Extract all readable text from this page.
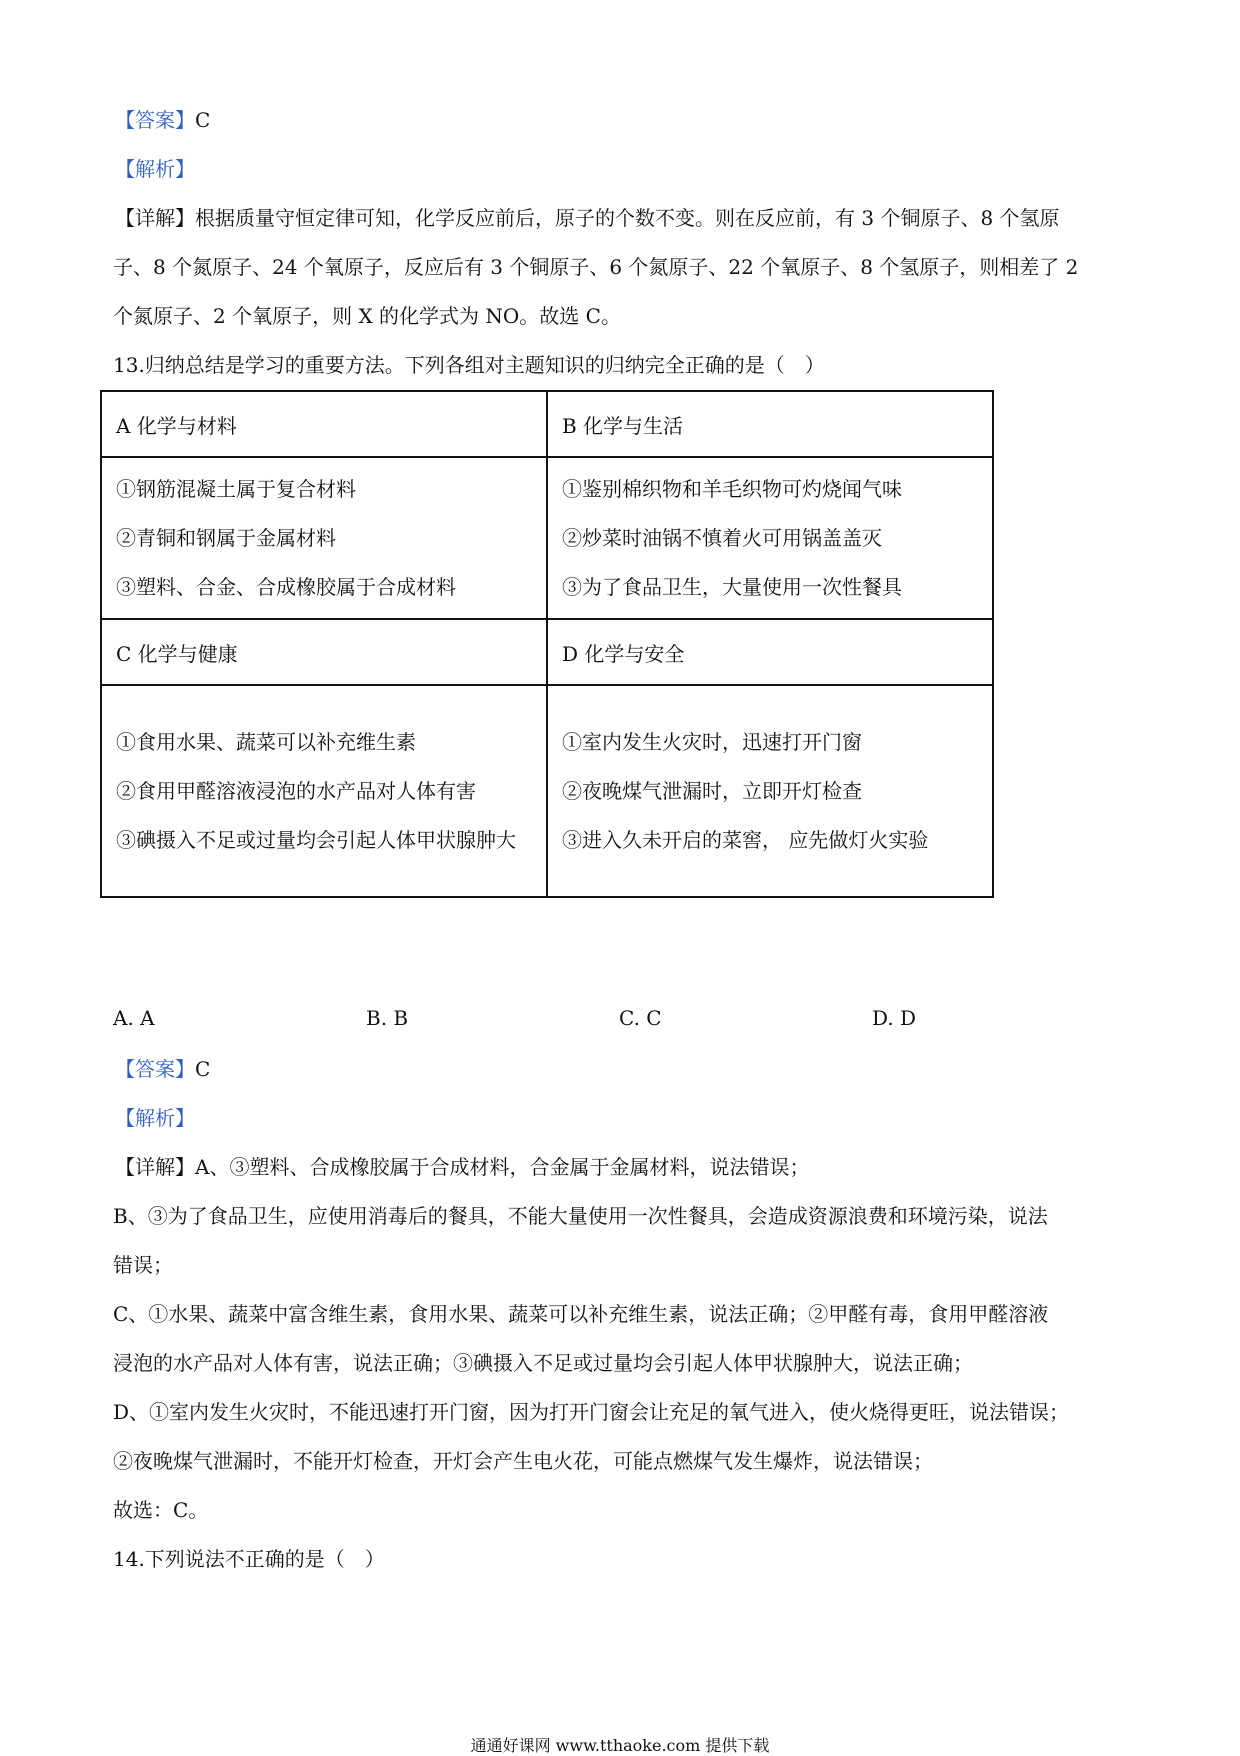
【答案】C
【解析】
【详解】根据质量守恒定律可知，化学反应前后，原子的个数不变。则在反应前，有 3 个铜原子、8 个氢原
子、8 个氮原子、24 个氧原子，反应后有 3 个铜原子、6 个氮原子、22 个氧原子、8 个氢原子，则相差了 2
个氮原子、2 个氧原子，则 X 的化学式为 NO。故选 C。
13.归纳总结是学习的重要方法。下列各组对主题知识的归纳完全正确的是（　）
A 化学与材料	B 化学与生活

①钢筋混凝土属于复合材料
②青铜和钢属于金属材料
③塑料、合金、合成橡胶属于合成材料	①鉴别棉织物和羊毛织物可灼烧闻气味
②炒菜时油锅不慎着火可用锅盖盖灭
③为了食品卫生，大量使用一次性餐具

C 化学与健康	D 化学与安全

①食用水果、蔬菜可以补充维生素
②食用甲醛溶液浸泡的水产品对人体有害
③碘摄入不足或过量均会引起人体甲状腺肿大	①室内发生火灾时，迅速打开门窗
②夜晚煤气泄漏时，立即开灯检查
③进入久未开启的菜窖， 应先做灯火实验
A. A	B. B	C. C	D. D
【答案】C
【解析】
【详解】A、③塑料、合成橡胶属于合成材料，合金属于金属材料，说法错误；
B、③为了食品卫生，应使用消毒后的餐具，不能大量使用一次性餐具，会造成资源浪费和环境污染，说法
错误；
C、①水果、蔬菜中富含维生素，食用水果、蔬菜可以补充维生素，说法正确；②甲醛有毒，食用甲醛溶液
浸泡的水产品对人体有害，说法正确；③碘摄入不足或过量均会引起人体甲状腺肿大，说法正确；
D、①室内发生火灾时，不能迅速打开门窗，因为打开门窗会让充足的氧气进入，使火烧得更旺，说法错误；
②夜晚煤气泄漏时，不能开灯检查，开灯会产生电火花，可能点燃煤气发生爆炸，说法错误；
故选：C。
14.下列说法不正确的是（　）
通通好课网 www.tthaoke.com 提供下载
